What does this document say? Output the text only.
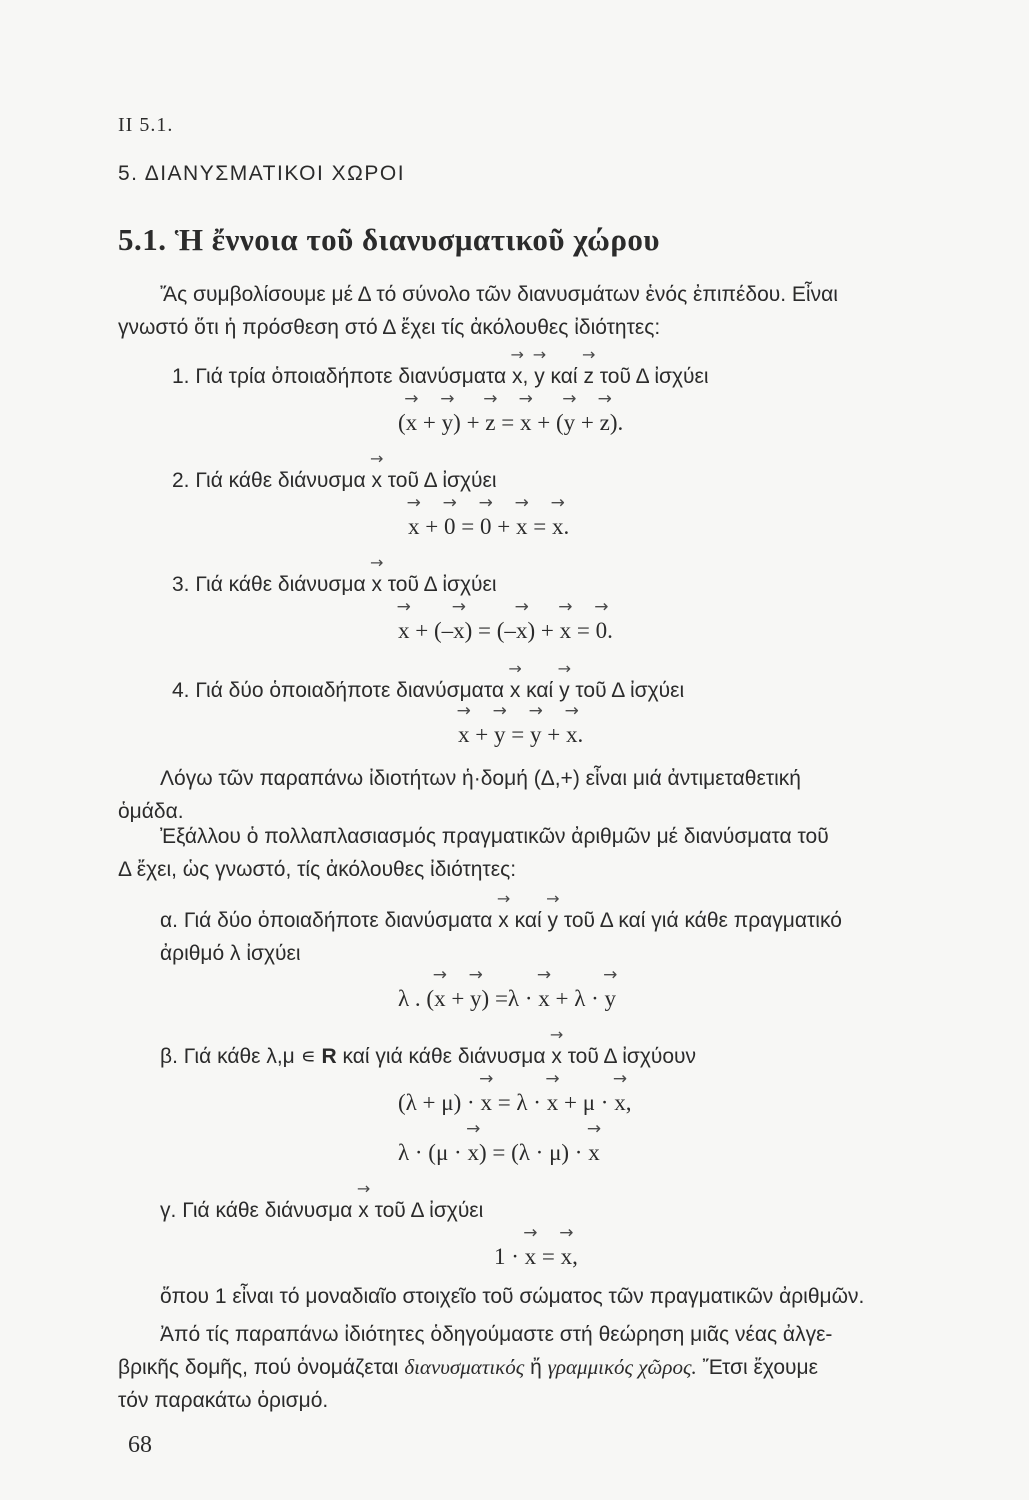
II 5.1.
5. ΔΙΑΝΥΣΜΑΤΙΚΟΙ ΧΩΡΟΙ
5.1. Ἡ ἔννοια τοῦ διανυσματικοῦ χώρου
Ἄς συμβολίσουμε μέ Δ τό σύνολο τῶν διανυσμάτων ἑνός ἐπιπέδου. Εἶναι
γνωστό ὅτι ἡ πρόσθεση στό Δ ἔχει τίς ἀκόλουθες ἰδιότητες:
1. Γιά τρία ὁποιαδήποτε διανύσματα → x, → y καί → z τοῦ Δ ἰσχύει
(→ x + → y) + → z = → x + (→ y + → z).
2. Γιά κάθε διάνυσμα → x τοῦ Δ ἰσχύει
→ x + → 0 = → 0 + → x = → x.
3. Γιά κάθε διάνυσμα → x τοῦ Δ ἰσχύει
→ x + (–→ x) = (–→ x) + → x = → 0.
4. Γιά δύο ὁποιαδήποτε διανύσματα → x καί → y τοῦ Δ ἰσχύει
→ x + → y = → y + → x.
Λόγω τῶν παραπάνω ἰδιοτήτων ἡ·δομή (Δ,+) εἶναι μιά ἀντιμεταθετική
ὁμάδα.
Ἐξάλλου ὁ πολλαπλασιασμός πραγματικῶν ἀριθμῶν μέ διανύσματα τοῦ
Δ ἔχει, ὡς γνωστό, τίς ἀκόλουθες ἰδιότητες:
α. Γιά δύο ὁποιαδήποτε διανύσματα → x καί → y τοῦ Δ καί γιά κάθε πραγματικό
ἀριθμό λ ἰσχύει
λ . (→ x + → y) =λ · → x + λ · → y
β. Γιά κάθε λ,μ ∊ R καί γιά κάθε διάνυσμα → x τοῦ Δ ἰσχύουν
(λ + μ) · → x = λ · → x + μ · → x,
λ · (μ · → x) = (λ · μ) · → x
γ. Γιά κάθε διάνυσμα → x τοῦ Δ ἰσχύει
1 · → x = → x,
ὅπου 1 εἶναι τό μοναδιαῖο στοιχεῖο τοῦ σώματος τῶν πραγματικῶν ἀριθμῶν.
Ἀπό τίς παραπάνω ἰδιότητες ὁδηγούμαστε στή θεώρηση μιᾶς νέας ἀλγε-
βρικῆς δομῆς, πού ὀνομάζεται διανυσματικός ἤ γραμμικός χῶρος. Ἔτσι ἔχουμε
τόν παρακάτω ὁρισμό.
68
